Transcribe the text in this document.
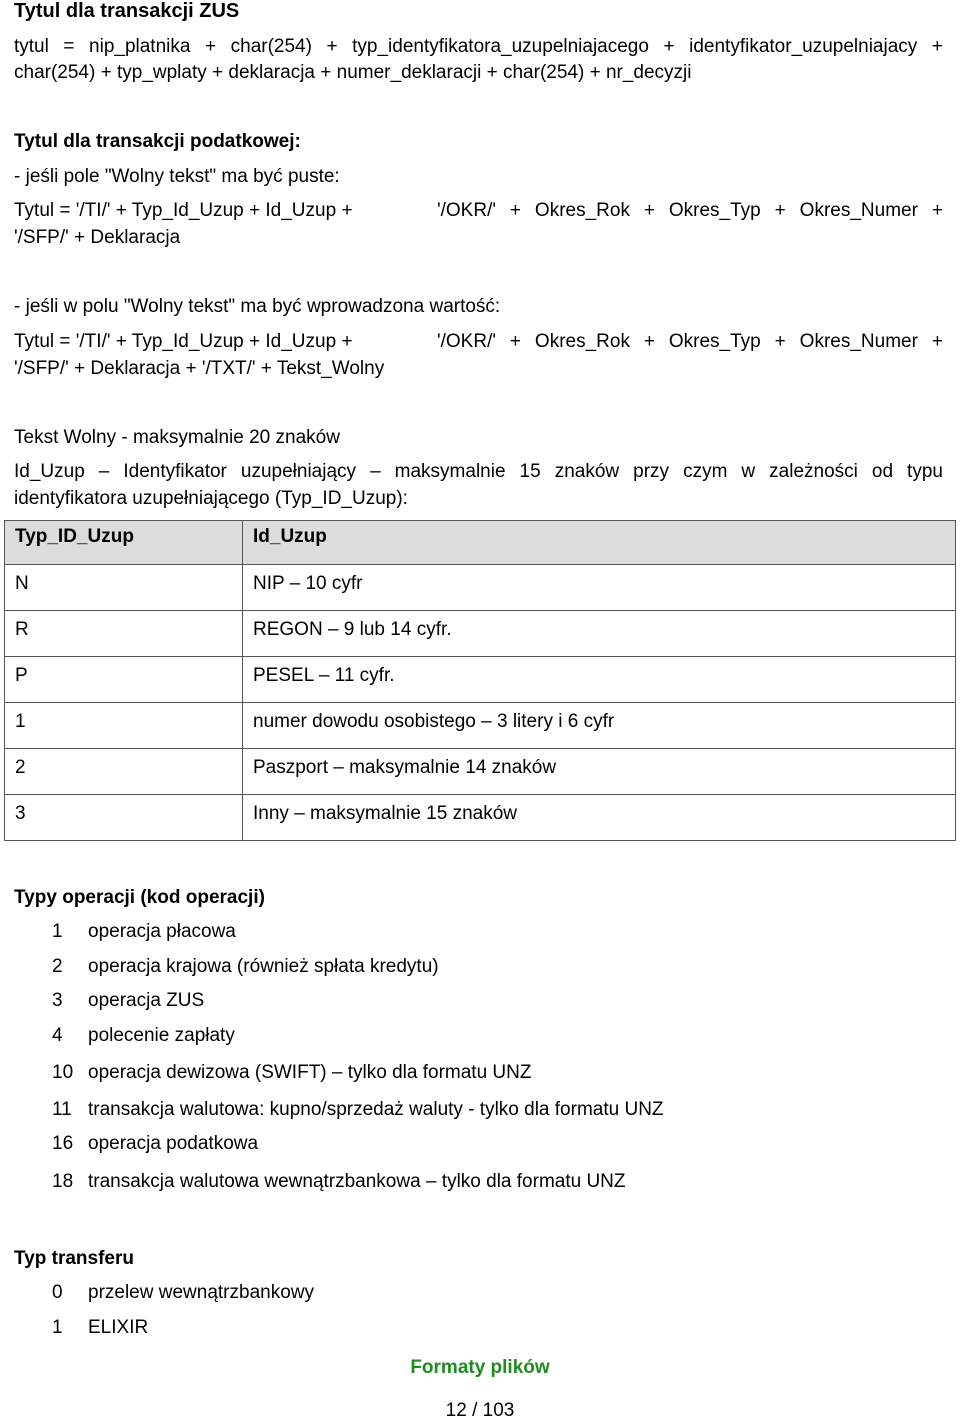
Tytul dla transakcji ZUS
tytul = nip_platnika + char(254) + typ_identyfikatora_uzupelniajacego + identyfikator_uzupelniajacy +
char(254) + typ_wplaty + deklaracja + numer_deklaracji + char(254) + nr_decyzji
Tytul dla transakcji podatkowej:
- jeśli pole "Wolny tekst" ma być puste:
Tytul = '/TI/' + Typ_Id_Uzup + Id_Uzup +	'/OKR/' + Okres_Rok + Okres_Typ + Okres_Numer +
'/SFP/' + Deklaracja
- jeśli w polu "Wolny tekst" ma być wprowadzona wartość:
Tytul = '/TI/' + Typ_Id_Uzup + Id_Uzup +	'/OKR/' + Okres_Rok + Okres_Typ + Okres_Numer +
'/SFP/' + Deklaracja + '/TXT/' + Tekst_Wolny
Tekst Wolny - maksymalnie 20 znaków
Id_Uzup – Identyfikator uzupełniający – maksymalnie 15 znaków przy czym w zależności od typu
identyfikatora uzupełniającego (Typ_ID_Uzup):
Typ_ID_Uzup	Id_Uzup
N	NIP – 10 cyfr
R	REGON – 9 lub 14 cyfr.
P	PESEL – 11 cyfr.
1	numer dowodu osobistego – 3 litery i 6 cyfr
2	Paszport – maksymalnie 14 znaków
3	Inny – maksymalnie 15 znaków
Typy operacji (kod operacji)
1 operacja płacowa
2 operacja krajowa (również spłata kredytu)
3 operacja ZUS
4 polecenie zapłaty
10 operacja dewizowa (SWIFT) – tylko dla formatu UNZ
11 transakcja walutowa: kupno/sprzedaż waluty - tylko dla formatu UNZ
16 operacja podatkowa
18 transakcja walutowa wewnątrzbankowa – tylko dla formatu UNZ
Typ transferu
0 przelew wewnątrzbankowy
1 ELIXIR
Formaty plików
12 / 103
